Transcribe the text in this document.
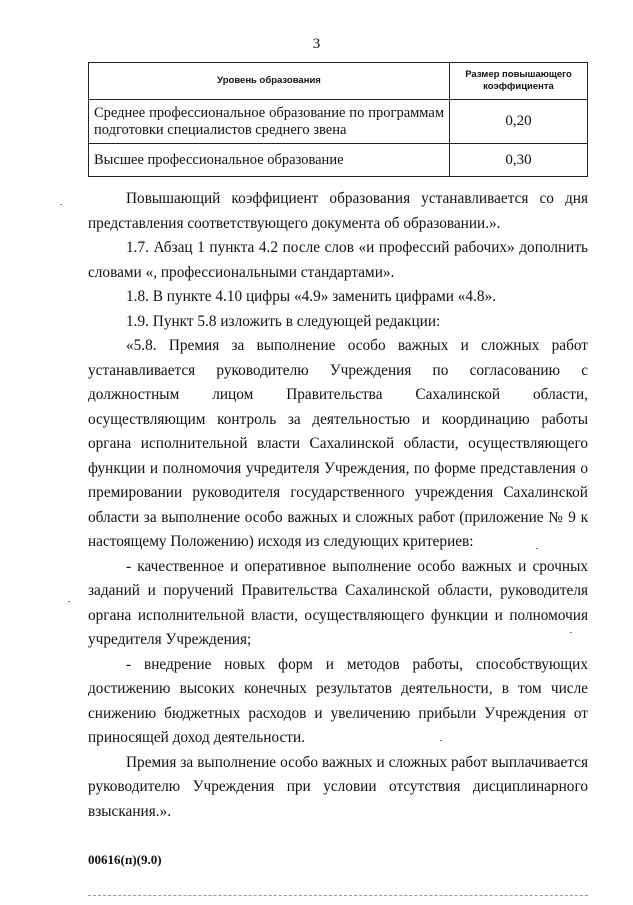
3
Уровень образования	Размер повышающего коэффициента
Среднее профессиональное образование по программам подготовки специалистов среднего звена	0,20
Высшее профессиональное образование	0,30

Повышающий коэффициент образования устанавливается со дня представления соответствующего документа об образовании.».

1.7. Абзац 1 пункта 4.2 после слов «и профессий рабочих» дополнить словами «, профессиональными стандартами».

1.8. В пункте 4.10 цифры «4.9» заменить цифрами «4.8».

1.9. Пункт 5.8 изложить в следующей редакции:

«5.8. Премия за выполнение особо важных и сложных работ устанавливается руководителю Учреждения по согласованию с должностным лицом Правительства Сахалинской области, осуществляющим контроль за деятельностью и координацию работы органа исполнительной власти Сахалинской области, осуществляющего функции и полномочия учредителя Учреждения, по форме представления о премировании руководителя государственного учреждения Сахалинской области за выполнение особо важных и сложных работ (приложение № 9 к настоящему Положению) исходя из следующих критериев:

- качественное и оперативное выполнение особо важных и срочных заданий и поручений Правительства Сахалинской области, руководителя органа исполнительной власти, осуществляющего функции и полномочия учредителя Учреждения;

- внедрение новых форм и методов работы, способствующих достижению высоких конечных результатов деятельности, в том числе снижению бюджетных расходов и увеличению прибыли Учреждения от приносящей доход деятельности.

Премия за выполнение особо важных и сложных работ выплачивается руководителю Учреждения при условии отсутствия дисциплинарного взыскания.».

00616(п)(9.0)
